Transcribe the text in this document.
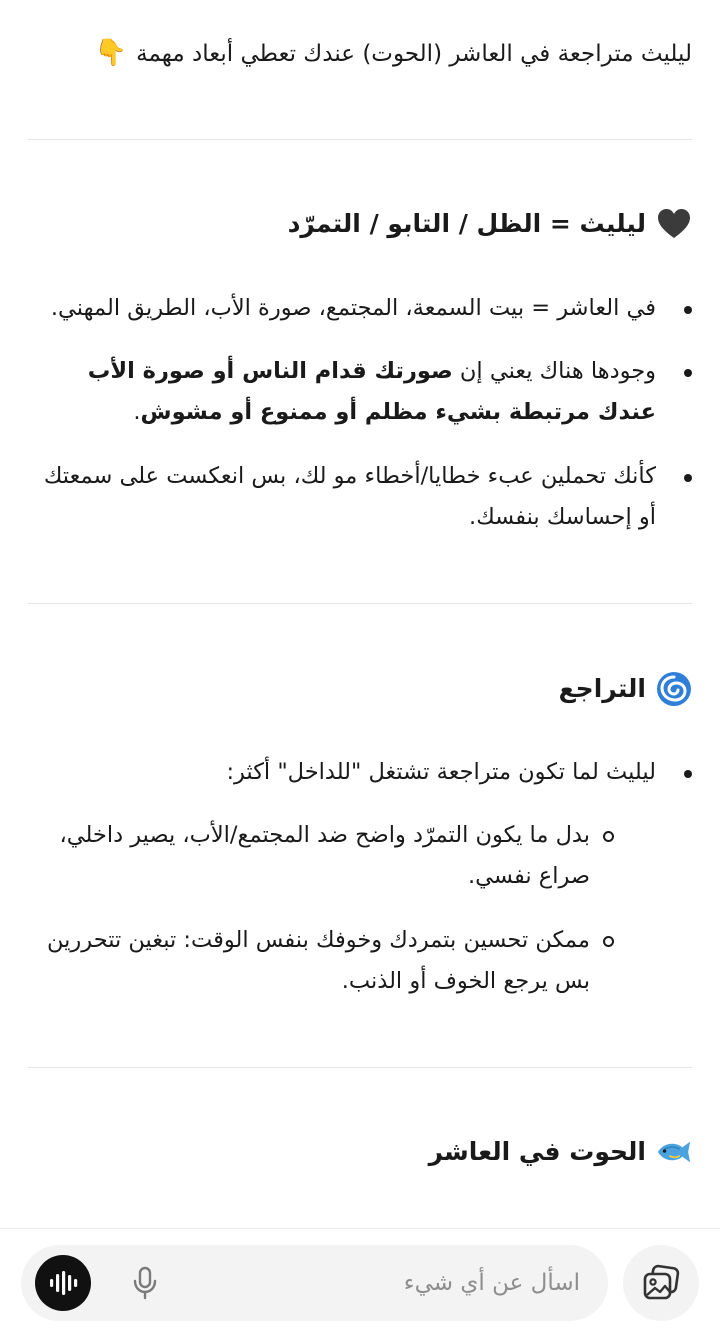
ليليث متراجعة في العاشر (الحوت) عندك تعطي أبعاد مهمة 👇
ليليث = الظل / التابو / التمرّد
في العاشر = بيت السمعة، المجتمع، صورة الأب، الطريق المهني.
وجودها هناك يعني إن صورتك قدام الناس أو صورة الأب عندك مرتبطة بشيء مظلم أو ممنوع أو مشوش.
كأنك تحملين عبء خطايا/أخطاء مو لك، بس انعكست على سمعتك أو إحساسك بنفسك.
التراجع
ليليث لما تكون متراجعة تشتغل "للداخل" أكثر:
بدل ما يكون التمرّد واضح ضد المجتمع/الأب، يصير داخلي، صراع نفسي.
ممكن تحسين بتمردك وخوفك بنفس الوقت: تبغين تتحررين بس يرجع الخوف أو الذنب.
الحوت في العاشر
اسأل عن أي شيء
